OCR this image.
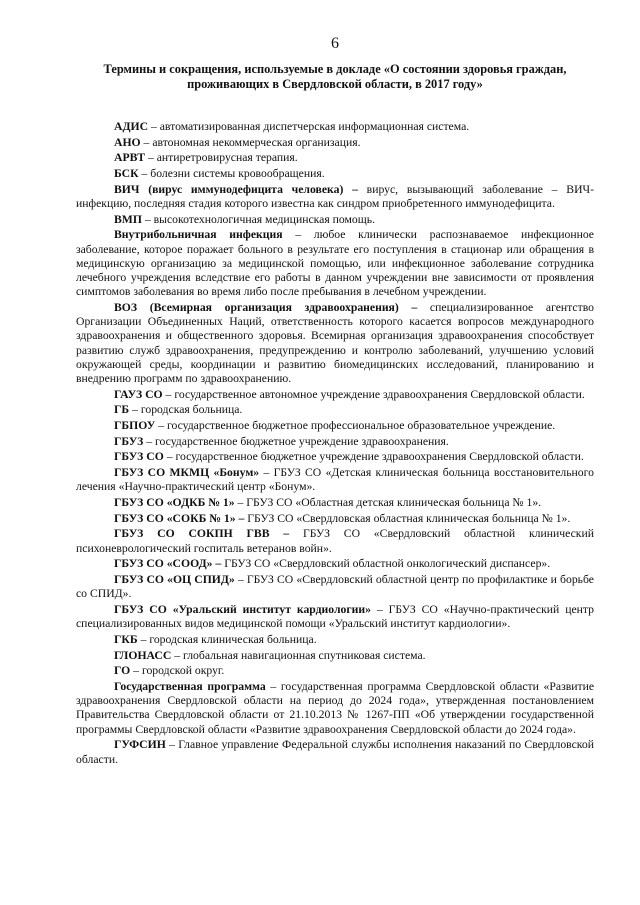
6
Термины и сокращения, используемые в докладе «О состоянии здоровья граждан,
проживающих в Свердловской области, в 2017 году»

АДИС – автоматизированная диспетчерская информационная система.

АНО – автономная некоммерческая организация.

АРВТ – антиретровирусная терапия.

БСК – болезни системы кровообращения.

ВИЧ (вирус иммунодефицита человека) – вирус, вызывающий заболевание – ВИЧ-инфекцию, последняя стадия которого известна как синдром приобретенного иммунодефицита.

ВМП – высокотехнологичная медицинская помощь.

Внутрибольничная инфекция – любое клинически распознаваемое инфекционное заболевание, которое поражает больного в результате его поступления в стационар или обращения в медицинскую организацию за медицинской помощью, или инфекционное заболевание сотрудника лечебного учреждения вследствие его работы в данном учреждении вне зависимости от проявления симптомов заболевания во время либо после пребывания в лечебном учреждении.

ВОЗ (Всемирная организация здравоохранения) – специализированное агентство Организации Объединенных Наций, ответственность которого касается вопросов международного здравоохранения и общественного здоровья. Всемирная организация здравоохранения способствует развитию служб здравоохранения, предупреждению и контролю заболеваний, улучшению условий окружающей среды, координации и развитию биомедицинских исследований, планированию и внедрению программ по здравоохранению.

ГАУЗ СО – государственное автономное учреждение здравоохранения Свердловской области.

ГБ – городская больница.

ГБПОУ – государственное бюджетное профессиональное образовательное учреждение.

ГБУЗ – государственное бюджетное учреждение здравоохранения.

ГБУЗ СО – государственное бюджетное учреждение здравоохранения Свердловской области.

ГБУЗ СО МКМЦ «Бонум» – ГБУЗ СО «Детская клиническая больница восстановительного лечения «Научно-практический центр «Бонум».

ГБУЗ СО «ОДКБ № 1» – ГБУЗ СО «Областная детская клиническая больница № 1».

ГБУЗ СО «СОКБ № 1» – ГБУЗ СО «Свердловская областная клиническая больница № 1».

ГБУЗ СО СОКПН ГВВ – ГБУЗ СО «Свердловский областной клинический психоневрологический госпиталь ветеранов войн».

ГБУЗ СО «СООД» – ГБУЗ СО «Свердловский областной онкологический диспансер».

ГБУЗ СО «ОЦ СПИД» – ГБУЗ СО «Свердловский областной центр по профилактике и борьбе со СПИД».

ГБУЗ СО «Уральский институт кардиологии» – ГБУЗ СО «Научно-практический центр специализированных видов медицинской помощи «Уральский институт кардиологии».

ГКБ – городская клиническая больница.

ГЛОНАСС – глобальная навигационная спутниковая система.

ГО – городской округ.

Государственная программа – государственная программа Свердловской области «Развитие здравоохранения Свердловской области на период до 2024 года», утвержденная постановлением Правительства Свердловской области от 21.10.2013 № 1267-ПП «Об утверждении государственной программы Свердловской области «Развитие здравоохранения Свердловской области до 2024 года».

ГУФСИН – Главное управление Федеральной службы исполнения наказаний по Свердловской области.
